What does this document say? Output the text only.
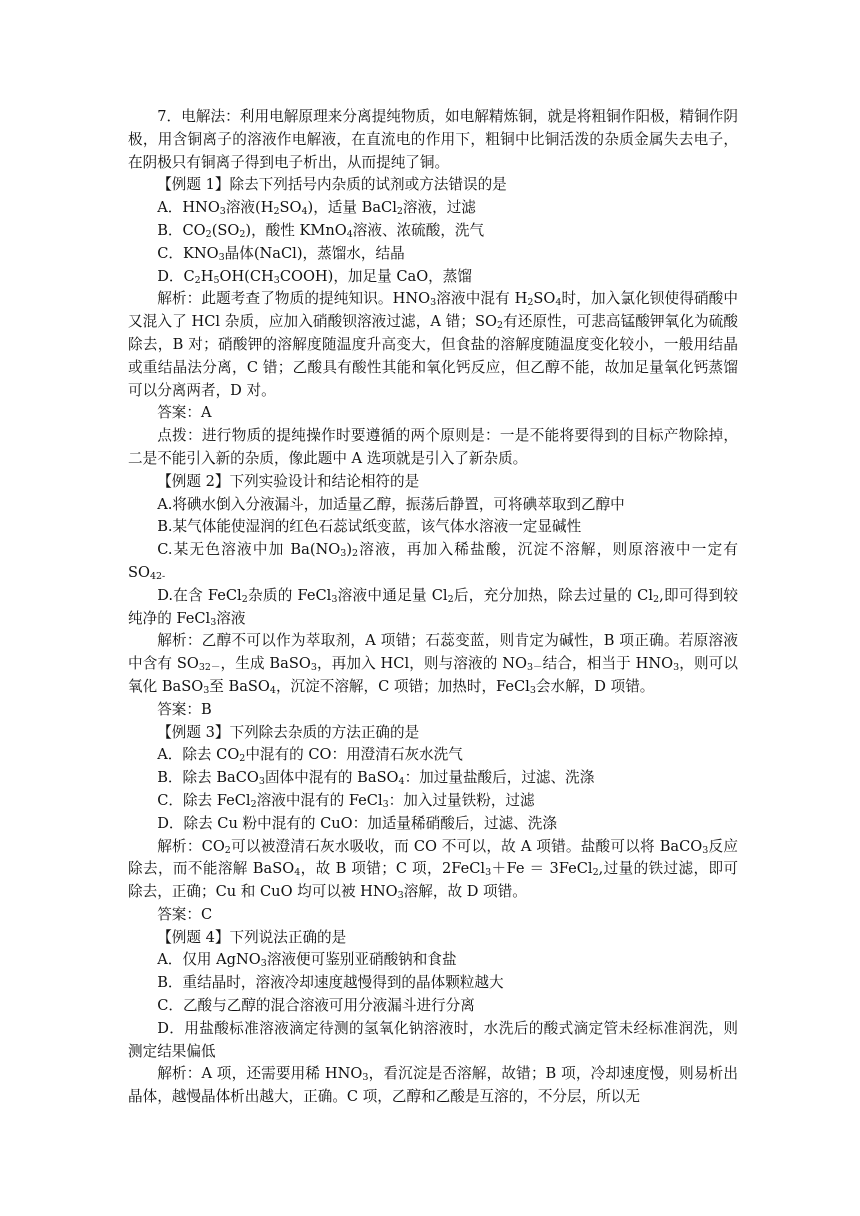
7．电解法：利用电解原理来分离提纯物质，如电解精炼铜，就是将粗铜作阳极，精铜作阴极，用含铜离子的溶液作电解液，在直流电的作用下，粗铜中比铜活泼的杂质金属失去电子，在阴极只有铜离子得到电子析出，从而提纯了铜。

【例题 1】除去下列括号内杂质的试剂或方法错误的是

A．$HNO_3$溶液$(H_2SO_4)$，适量 BaCl$_2$溶液，过滤

B．$CO_2(SO_2)$，酸性 KMnO$_4$溶液、浓硫酸，洗气

C．$KNO_3$晶体(NaCl)，蒸馏水，结晶

D．$C_2H_5OH(CH_3COOH)$，加足量 CaO，蒸馏

解析：此题考查了物质的提纯知识。$HNO_3$溶液中混有 $H_2SO_4$时，加入氯化钡使得硝酸中又混入了 HCl 杂质，应加入硝酸钡溶液过滤，A 错；$SO_2$有还原性，可悲高锰酸钾氧化为硫酸除去，B 对；硝酸钾的溶解度随温度升高变大，但食盐的溶解度随温度变化较小，一般用结晶或重结晶法分离，C 错；乙酸具有酸性其能和氧化钙反应，但乙醇不能，故加足量氧化钙蒸馏可以分离两者，D 对。

答案：A

点拨：进行物质的提纯操作时要遵循的两个原则是：一是不能将要得到的目标产物除掉，二是不能引入新的杂质，像此题中 A 选项就是引入了新杂质。

【例题 2】下列实验设计和结论相符的是

A.将碘水倒入分液漏斗，加适量乙醇，振荡后静置，可将碘萃取到乙醇中

B.某气体能使湿润的红色石蕊试纸变蓝，该气体水溶液一定显碱性

C.某无色溶液中加 $Ba(NO_3)_2$溶液，再加入稀盐酸，沉淀不溶解，则原溶液中一定有 $SO_{42-}$

D.在含 FeCl$_2$杂质的 FeCl$_3$溶液中通足量 $Cl_2$后，充分加热，除去过量的 $Cl_2$,即可得到较纯净的 FeCl$_3$溶液

解析：乙醇不可以作为萃取剂，A 项错；石蕊变蓝，则肯定为碱性，B 项正确。若原溶液中含有 $SO_{32-}$，生成 BaSO$_3$，再加入 HCl，则与溶液的 $NO_{3-}$结合，相当于 $HNO_3$，则可以氧化 BaSO$_3$至 BaSO$_4$，沉淀不溶解，C 项错；加热时，FeCl$_3$会水解，D 项错。

答案：B

【例题 3】下列除去杂质的方法正确的是

A．除去 $CO_2$中混有的 CO：用澄清石灰水洗气

B．除去 BaCO$_3$固体中混有的 BaSO$_4$：加过量盐酸后，过滤、洗涤

C．除去 FeCl$_2$溶液中混有的 FeCl$_3$：加入过量铁粉，过滤

D．除去 Cu 粉中混有的 CuO：加适量稀硝酸后，过滤、洗涤

解析：$CO_2$可以被澄清石灰水吸收，而 CO 不可以，故 A 项错。盐酸可以将 BaCO$_3$反应除去，而不能溶解 BaSO$_4$，故 B 项错；C 项，2FeCl$_3$＋Fe ＝ 3FeCl$_2$,过量的铁过滤，即可除去，正确；Cu 和 CuO 均可以被 $HNO_3$溶解，故 D 项错。

答案：C

【例题 4】下列说法正确的是

A．仅用 AgNO$_3$溶液便可鉴别亚硝酸钠和食盐

B．重结晶时，溶液冷却速度越慢得到的晶体颗粒越大

C．乙酸与乙醇的混合溶液可用分液漏斗进行分离

D．用盐酸标准溶液滴定待测的氢氧化钠溶液时，水洗后的酸式滴定管未经标准润洗，则测定结果偏低

解析：A 项，还需要用稀 $HNO_3$，看沉淀是否溶解，故错；B 项，冷却速度慢，则易析出晶体，越慢晶体析出越大，正确。C 项，乙醇和乙酸是互溶的，不分层，所以无
